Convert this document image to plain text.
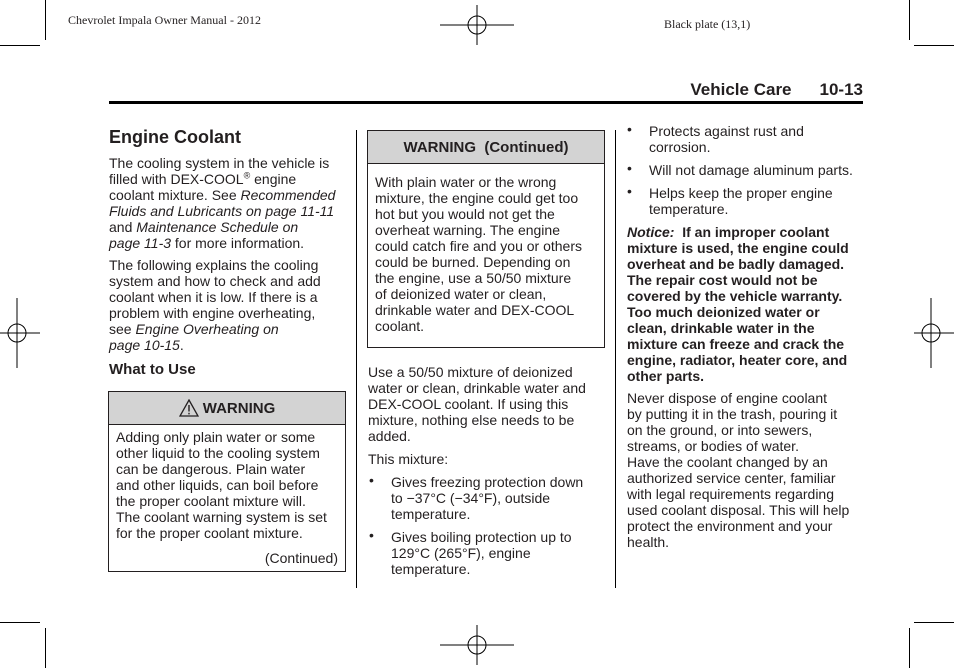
Chevrolet Impala Owner Manual - 2012	Black plate (13,1)
Vehicle Care 10-13
Engine Coolant
The cooling system in the vehicle is
filled with DEX-COOL® engine
coolant mixture. See Recommended
Fluids and Lubricants on page 11-11
and Maintenance Schedule on
page 11-3 for more information.
The following explains the cooling
system and how to check and add
coolant when it is low. If there is a
problem with engine overheating,
see Engine Overheating on
page 10-15.
What to Use
WARNING
Adding only plain water or some
other liquid to the cooling system
can be dangerous. Plain water
and other liquids, can boil before
the proper coolant mixture will.
The coolant warning system is set
for the proper coolant mixture.
(Continued)
WARNING  (Continued)
With plain water or the wrong
mixture, the engine could get too
hot but you would not get the
overheat warning. The engine
could catch fire and you or others
could be burned. Depending on
the engine, use a 50/50 mixture
of deionized water or clean,
drinkable water and DEX-COOL
coolant.
Use a 50/50 mixture of deionized
water or clean, drinkable water and
DEX-COOL coolant. If using this
mixture, nothing else needs to be
added.
This mixture:
• Gives freezing protection down
to −37°C (−34°F), outside
temperature.
• Gives boiling protection up to
129°C (265°F), engine
temperature.
• Protects against rust and
corrosion.
• Will not damage aluminum parts.
• Helps keep the proper engine
temperature.
Notice:  If an improper coolant
mixture is used, the engine could
overheat and be badly damaged.
The repair cost would not be
covered by the vehicle warranty.
Too much deionized water or
clean, drinkable water in the
mixture can freeze and crack the
engine, radiator, heater core, and
other parts.
Never dispose of engine coolant
by putting it in the trash, pouring it
on the ground, or into sewers,
streams, or bodies of water.
Have the coolant changed by an
authorized service center, familiar
with legal requirements regarding
used coolant disposal. This will help
protect the environment and your
health.
